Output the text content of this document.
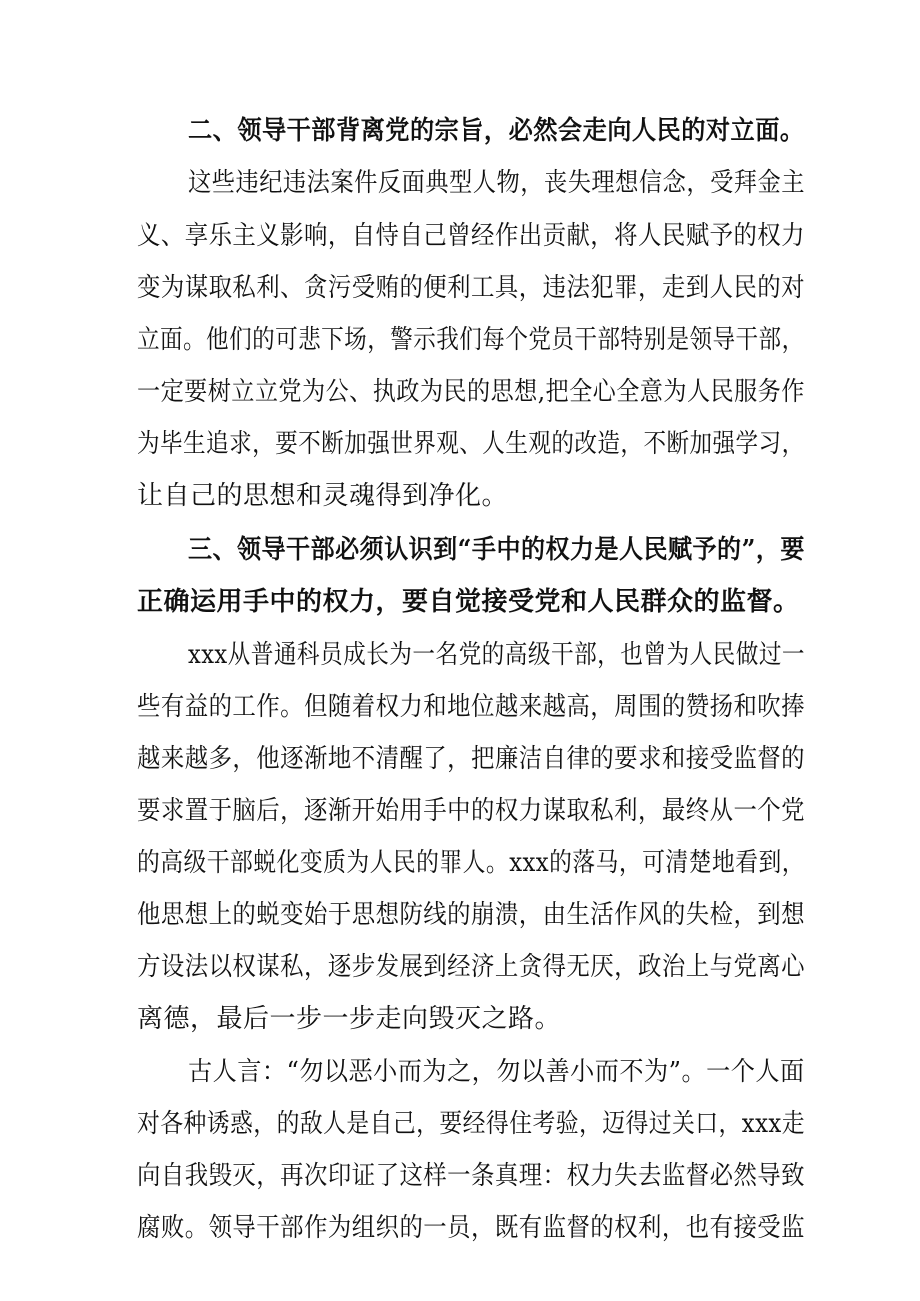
二、领导干部背离党的宗旨，必然会走向人民的对立面。
这些违纪违法案件反面典型人物，丧失理想信念，受拜金主
义、享乐主义影响，自恃自己曾经作出贡献，将人民赋予的权力
变为谋取私利、贪污受贿的便利工具，违法犯罪，走到人民的对
立面。他们的可悲下场，警示我们每个党员干部特别是领导干部，
一定要树立立党为公、执政为民的思想,把全心全意为人民服务作
为毕生追求，要不断加强世界观、人生观的改造，不断加强学习，
让自己的思想和灵魂得到净化。
三、领导干部必须认识到“手中的权力是人民赋予的”，要
正确运用手中的权力，要自觉接受党和人民群众的监督。
xxx从普通科员成长为一名党的高级干部，也曾为人民做过一
些有益的工作。但随着权力和地位越来越高，周围的赞扬和吹捧
越来越多，他逐渐地不清醒了，把廉洁自律的要求和接受监督的
要求置于脑后，逐渐开始用手中的权力谋取私利，最终从一个党
的高级干部蜕化变质为人民的罪人。xxx的落马，可清楚地看到，
他思想上的蜕变始于思想防线的崩溃，由生活作风的失检，到想
方设法以权谋私，逐步发展到经济上贪得无厌，政治上与党离心
离德，最后一步一步走向毁灭之路。
古人言：“勿以恶小而为之，勿以善小而不为”。一个人面
对各种诱惑，的敌人是自己，要经得住考验，迈得过关口，xxx走
向自我毁灭，再次印证了这样一条真理：权力失去监督必然导致
腐败。领导干部作为组织的一员，既有监督的权利，也有接受监
